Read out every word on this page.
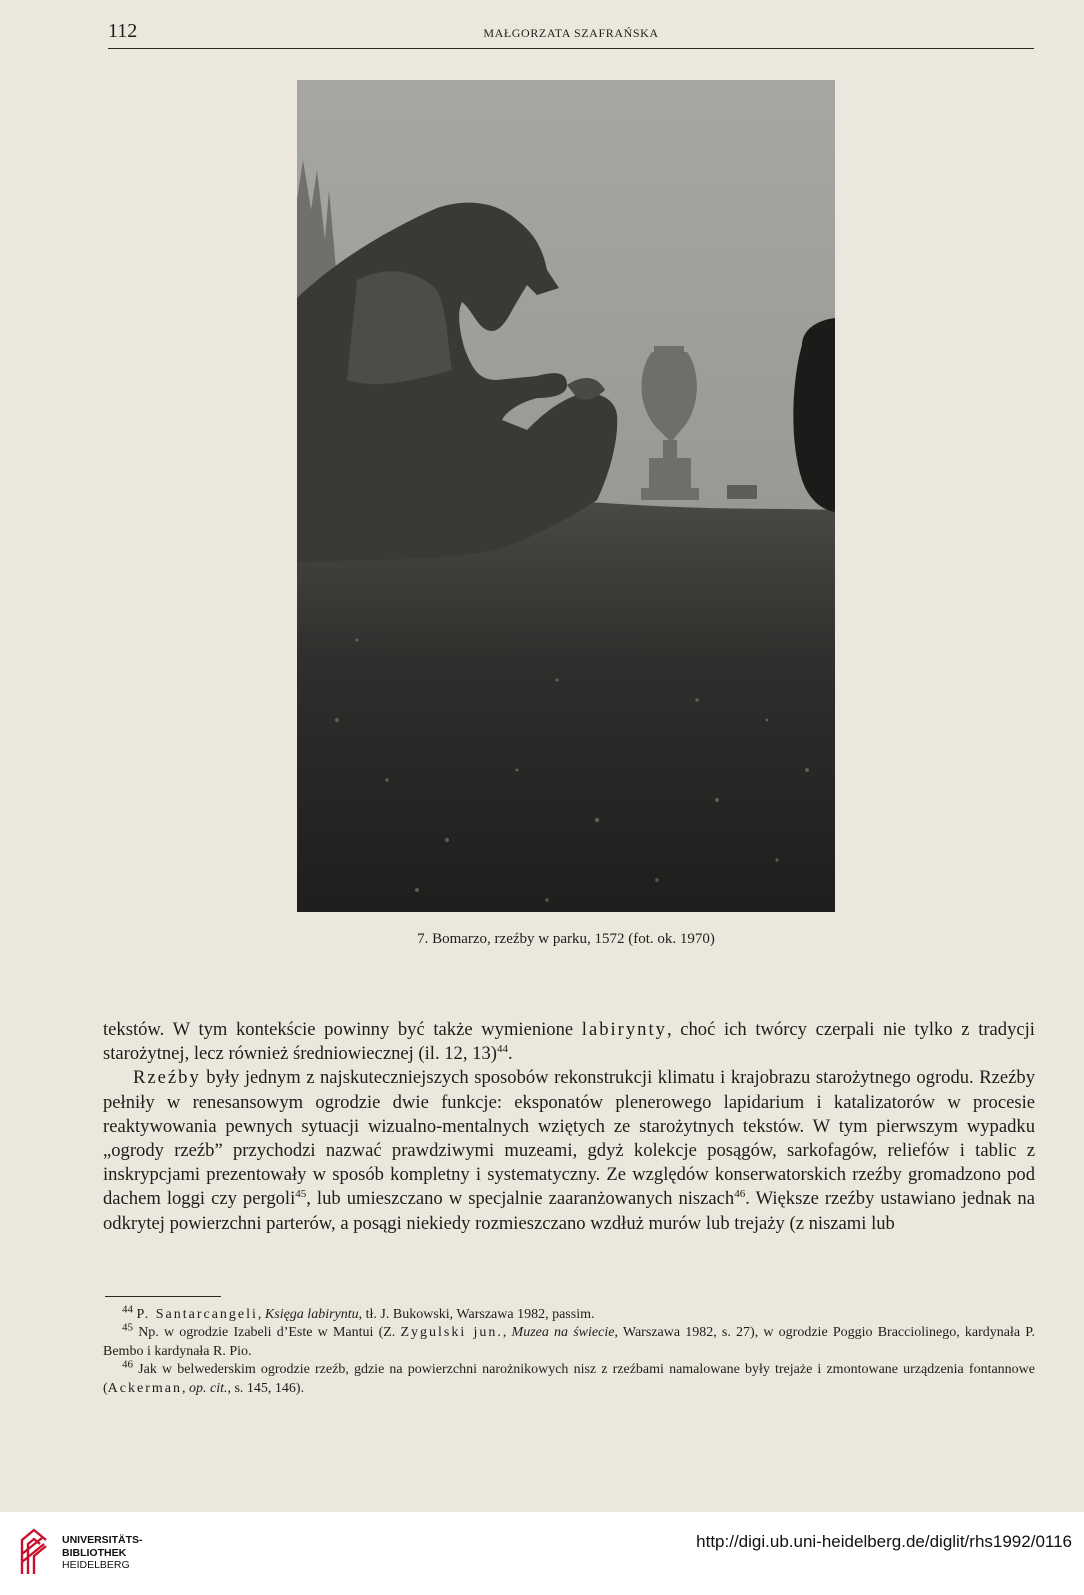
112	MAŁGORZATA SZAFRAŃSKA
7. Bomarzo, rzeźby w parku, 1572 (fot. ok. 1970)

tekstów. W tym kontekście powinny być także wymienione labirynty, choć ich twórcy czerpali nie tylko z tradycji starożytnej, lecz również średniowiecznej (il. 12, 13)$^{44}$.

Rzeźby były jednym z najskuteczniejszych sposobów rekonstrukcji klimatu i krajobrazu starożytnego ogrodu. Rzeźby pełniły w renesansowym ogrodzie dwie funkcje: eksponatów plenerowego lapidarium i katalizatorów w procesie reaktywowania pewnych sytuacji wizualno-mentalnych wziętych ze starożytnych tekstów. W tym pierwszym wypadku „ogrody rzeźb” przychodzi nazwać prawdziwymi muzeami, gdyż kolekcje posągów, sarkofagów, reliefów i tablic z inskrypcjami prezentowały w sposób kompletny i systematyczny. Ze względów konserwatorskich rzeźby gromadzono pod dachem loggi czy pergoli$^{45}$, lub umieszczano w specjalnie zaaranżowanych niszach$^{46}$. Większe rzeźby ustawiano jednak na odkrytej powierzchni parterów, a posągi niekiedy rozmieszczano wzdłuż murów lub trejaży (z niszami lub

$^{44}$ P. Santarcangeli, Księga labiryntu, tł. J. Bukowski, Warszawa 1982, passim.

$^{45}$ Np. w ogrodzie Izabeli d’Este w Mantui (Z. Zygulski jun., Muzea na świecie, Warszawa 1982, s. 27), w ogrodzie Poggio Bracciolinego, kardynała P. Bembo i kardynała R. Pio.

$^{46}$ Jak w belwederskim ogrodzie rzeźb, gdzie na powierzchni narożnikowych nisz z rzeźbami namalowane były trejaże i zmontowane urządzenia fontannowe (Ackerman, op. cit., s. 145, 146).

UNIVERSITÄTS-
BIBLIOTHEK
HEIDELBERG
http://digi.ub.uni-heidelberg.de/diglit/rhs1992/0116
